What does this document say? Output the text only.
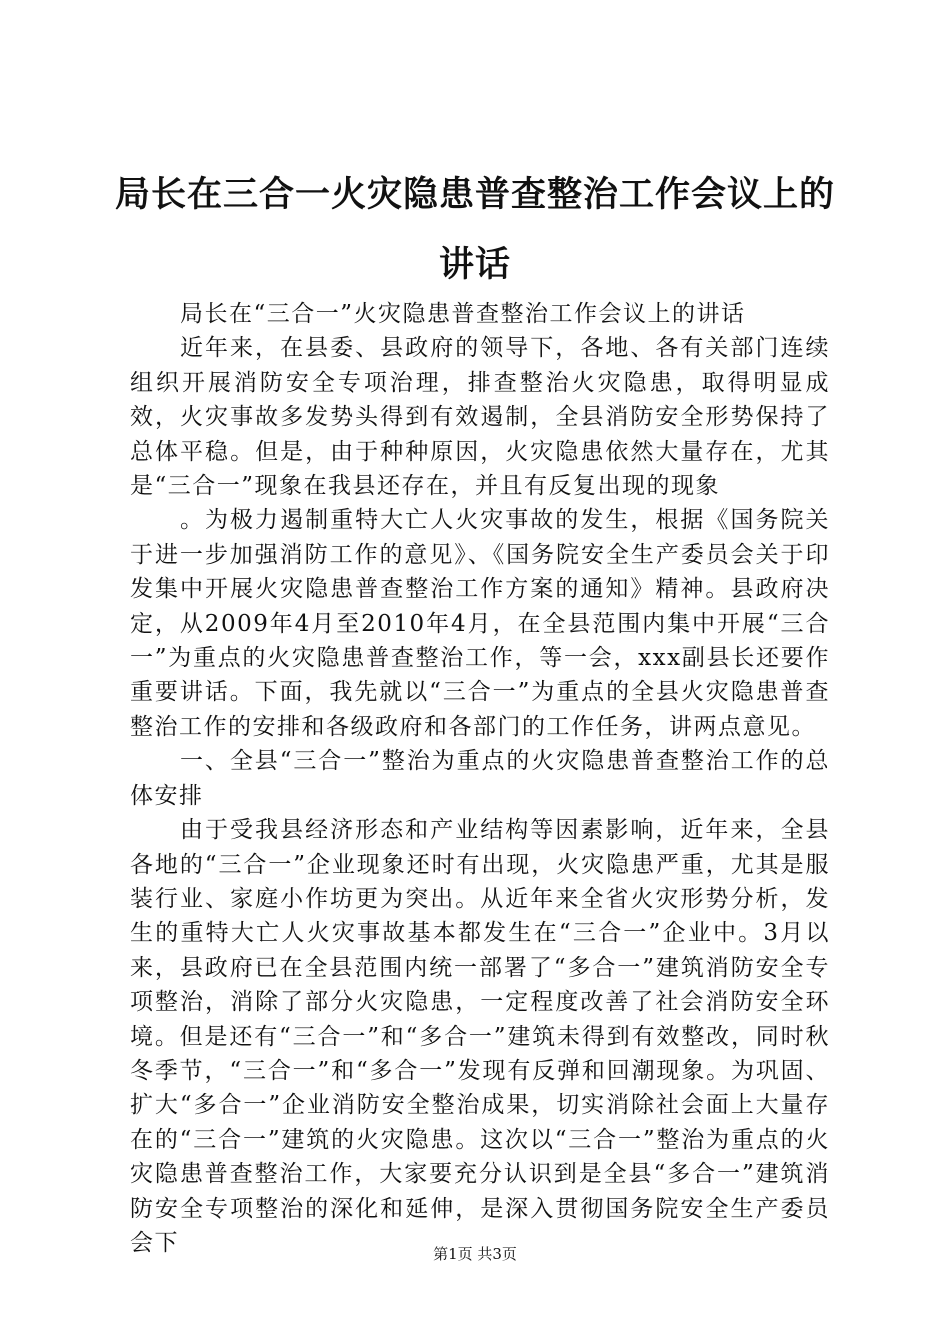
局长在三合一火灾隐患普查整治工作会议上的讲话

局长在“三合一”火灾隐患普查整治工作会议上的讲话

近年来，在县委、县政府的领导下，各地、各有关部门连续组织开展消防安全专项治理，排查整治火灾隐患，取得明显成效，火灾事故多发势头得到有效遏制，全县消防安全形势保持了总体平稳。但是，由于种种原因，火灾隐患依然大量存在，尤其是“三合一”现象在我县还存在，并且有反复出现的现象

。为极力遏制重特大亡人火灾事故的发生，根据《国务院关于进一步加强消防工作的意见》、《国务院安全生产委员会关于印发集中开展火灾隐患普查整治工作方案的通知》精神。县政府决定，从2009年4月至2010年4月，在全县范围内集中开展“三合一”为重点的火灾隐患普查整治工作，等一会，xxx副县长还要作重要讲话。下面，我先就以“三合一”为重点的全县火灾隐患普查整治工作的安排和各级政府和各部门的工作任务，讲两点意见。

一、全县“三合一”整治为重点的火灾隐患普查整治工作的总体安排

由于受我县经济形态和产业结构等因素影响，近年来，全县各地的“三合一”企业现象还时有出现，火灾隐患严重，尤其是服装行业、家庭小作坊更为突出。从近年来全省火灾形势分析，发生的重特大亡人火灾事故基本都发生在“三合一”企业中。3月以来，县政府已在全县范围内统一部署了“多合一”建筑消防安全专项整治，消除了部分火灾隐患，一定程度改善了社会消防安全环境。但是还有“三合一”和“多合一”建筑未得到有效整改，同时秋冬季节，“三合一”和“多合一”发现有反弹和回潮现象。为巩固、扩大“多合一”企业消防安全整治成果，切实消除社会面上大量存在的“三合一”建筑的火灾隐患。这次以“三合一”整治为重点的火灾隐患普查整治工作，大家要充分认识到是全县“多合一”建筑消防安全专项整治的深化和延伸，是深入贯彻国务院安全生产委员会下	第1页 共3页
